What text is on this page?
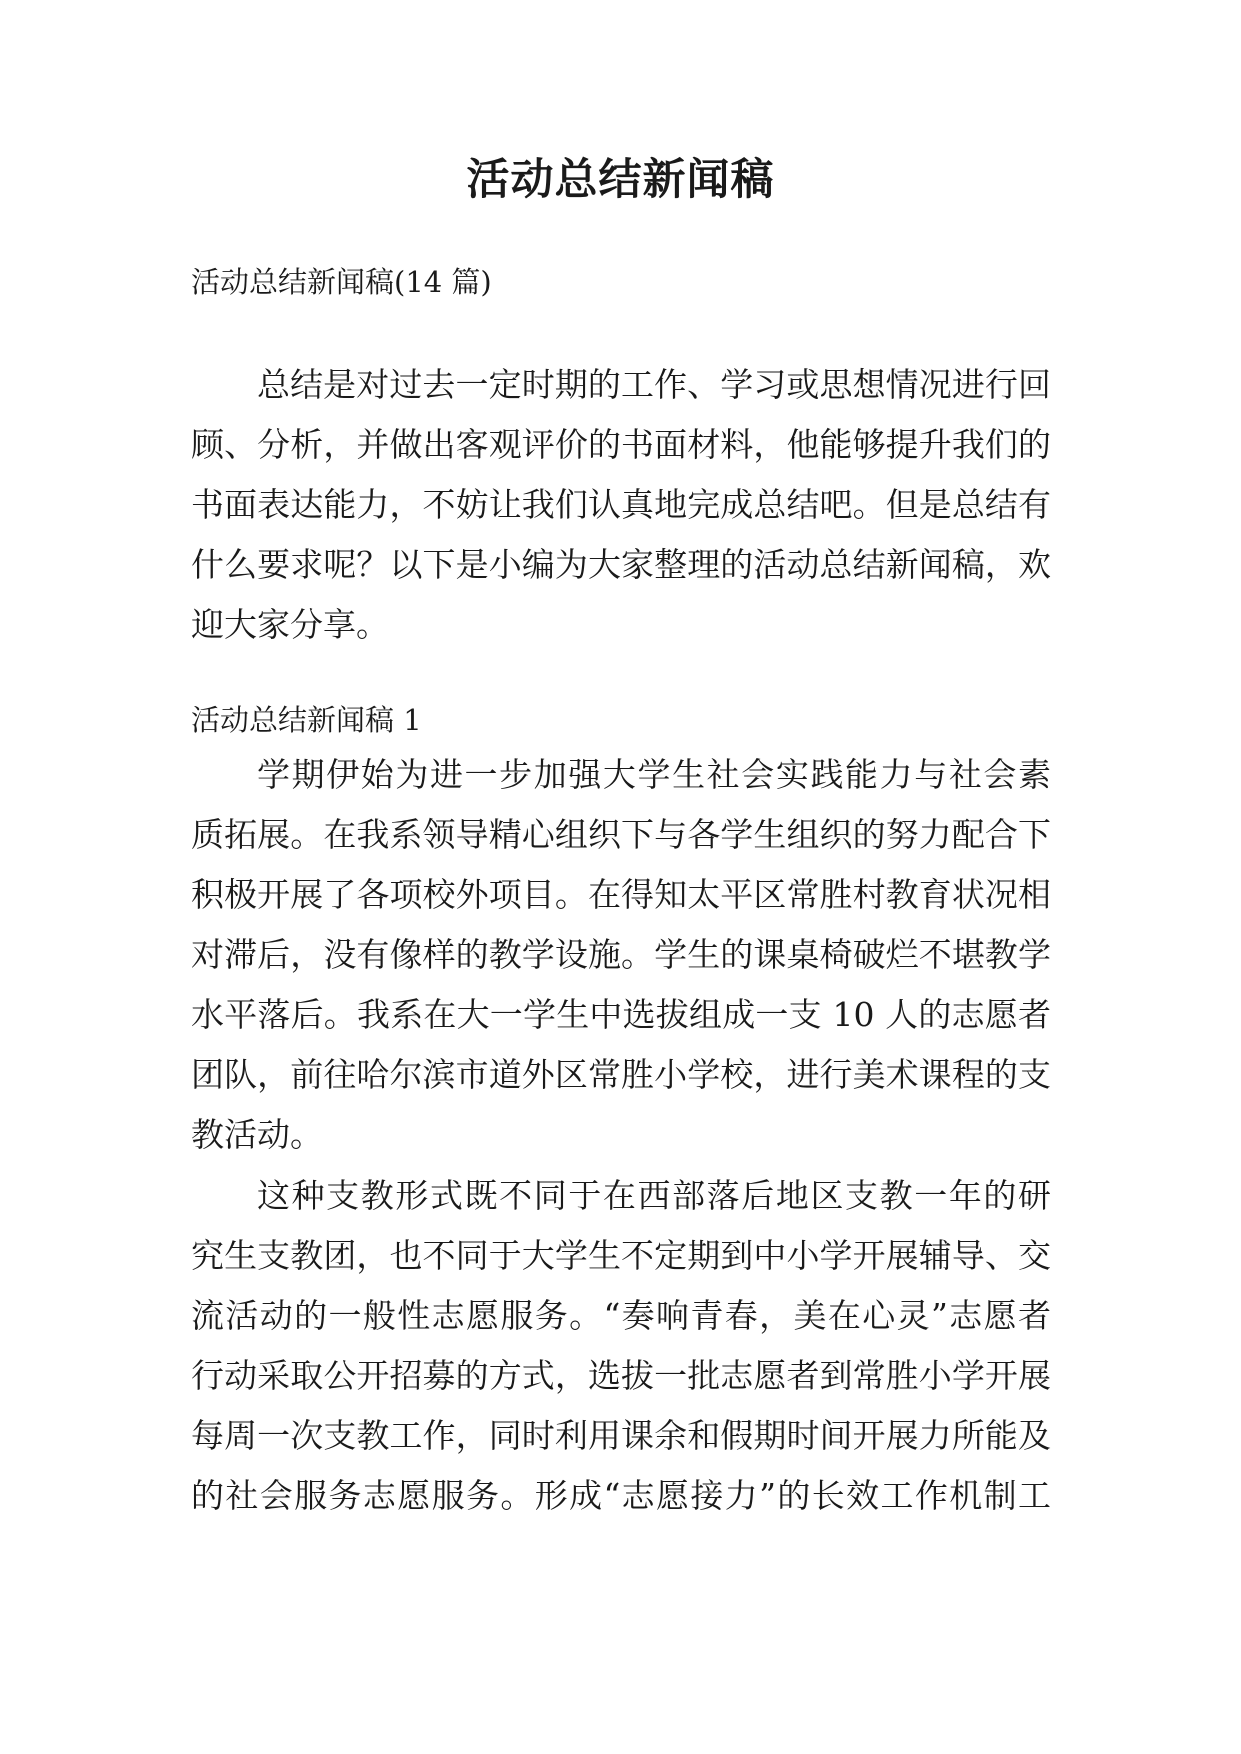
活动总结新闻稿

活动总结新闻稿(14 篇)

总结是对过去一定时期的工作、学习或思想情况进行回
顾、分析，并做出客观评价的书面材料，他能够提升我们的
书面表达能力，不妨让我们认真地完成总结吧。但是总结有
什么要求呢？以下是小编为大家整理的活动总结新闻稿，欢
迎大家分享。

活动总结新闻稿 1

学期伊始为进一步加强大学生社会实践能力与社会素
质拓展。在我系领导精心组织下与各学生组织的努力配合下
积极开展了各项校外项目。在得知太平区常胜村教育状况相
对滞后，没有像样的教学设施。学生的课桌椅破烂不堪教学
水平落后。我系在大一学生中选拔组成一支 10 人的志愿者
团队，前往哈尔滨市道外区常胜小学校，进行美术课程的支
教活动。
这种支教形式既不同于在西部落后地区支教一年的研
究生支教团，也不同于大学生不定期到中小学开展辅导、交
流活动的一般性志愿服务。“奏响青春，美在心灵”志愿者
行动采取公开招募的方式，选拔一批志愿者到常胜小学开展
每周一次支教工作，同时利用课余和假期时间开展力所能及
的社会服务志愿服务。形成“志愿接力”的长效工作机制工
